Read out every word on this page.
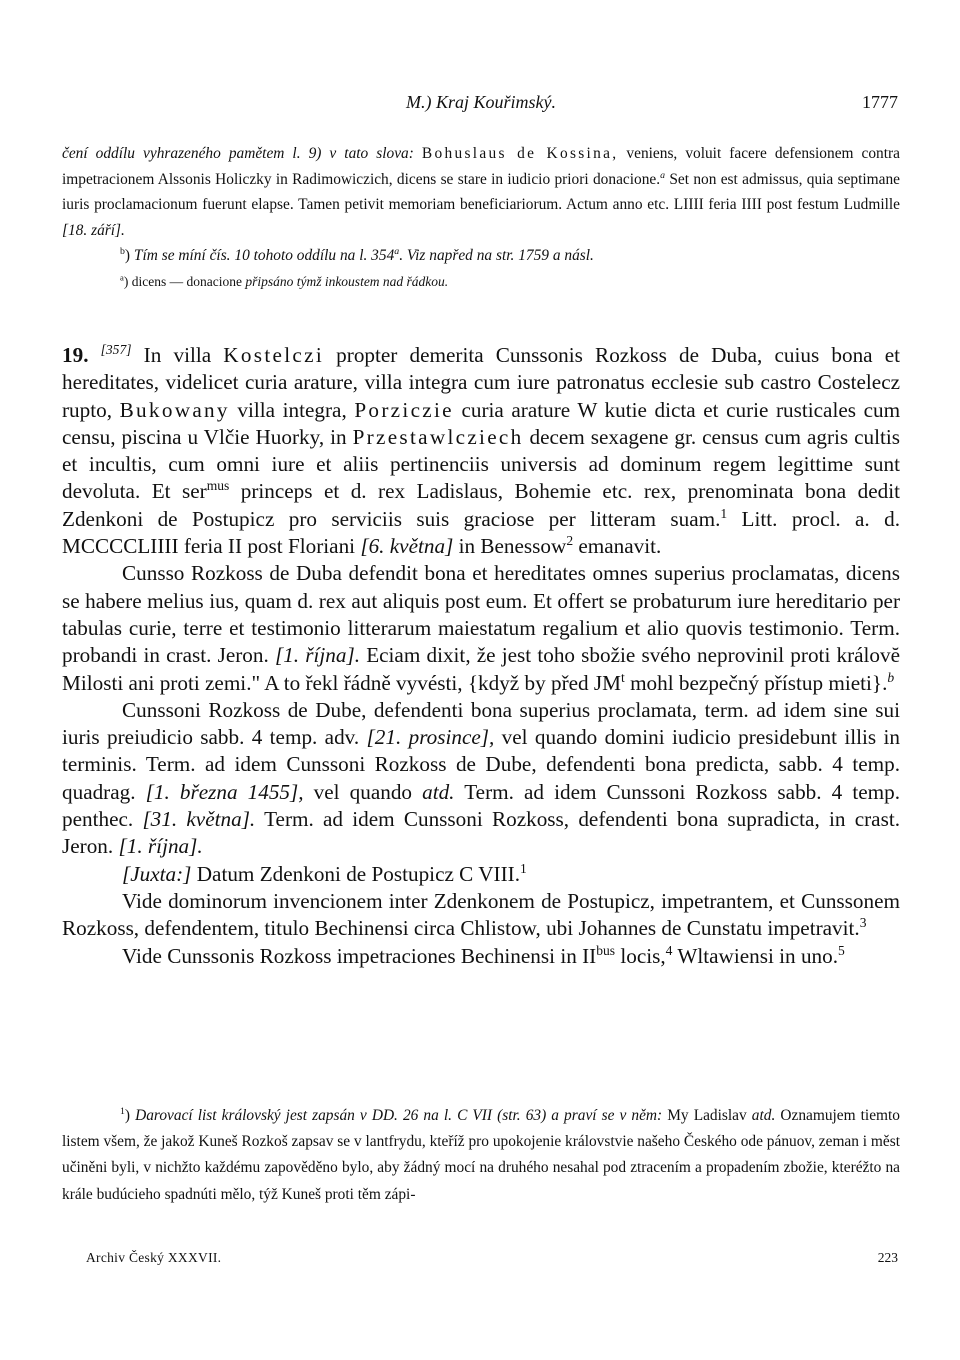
M.) Kraj Kouřimský.	1777

čení oddílu vyhrazeného pamětem l. 9) v tato slova: Bohuslaus de Kossina, veniens, voluit facere defensionem contra impetracionem Alssonis Holiczky in Radimowiczich, dicens se stare in iudicio priori donacione.$^a$ Set non est admissus, quia septimane iuris proclamacionum fuerunt elapse. Tamen petivit memoriam beneficiariorum. Actum anno etc. LIIII feria IIII post festum Ludmille [18. září].

$^b$) Tím se míní čís. 10 tohoto oddílu na l. 354$^a$. Viz napřed na str. 1759 a násl.

$^a$) dicens — donacione připsáno týmž inkoustem nad řádkou.

19. [357] In villa Kostelczi propter demerita Cunssonis Rozkoss de Duba, cuius bona et hereditates, videlicet curia arature, villa integra cum iure patronatus ecclesie sub castro Costelecz rupto, Bukowany villa integra, Porziczie curia arature W kutie dicta et curie rusticales cum censu, piscina u Vlčie Huorky, in Przestawlcziech decem sexagene gr. census cum agris cultis et incultis, cum omni iure et aliis pertinenciis universis ad dominum regem legittime sunt devoluta. Et ser$^{mus}$ princeps et d. rex Ladislaus, Bohemie etc. rex, prenominata bona dedit Zdenkoni de Postupicz pro serviciis suis graciose per litteram suam.$^1$ Litt. procl. a. d. MCCCCLIIII feria II post Floriani [6. května] in Benessow$^2$ emanavit.

Cunsso Rozkoss de Duba defendit bona et hereditates omnes superius proclamatas, dicens se habere melius ius, quam d. rex aut aliquis post eum. Et offert se probaturum iure hereditario per tabulas curie, terre et testimonio litterarum maiestatum regalium et alio quovis testimonio. Term. probandi in crast. Jeron. [1. října]. Eciam dixit, že jest toho sbožie svého neprovinil proti královĕ Milosti ani proti zemi." A to řekl řádně vyvésti, {když by před $JM^t$ mohl bezpečný přístup mieti}.$^b$

Cunssoni Rozkoss de Dube, defendenti bona superius proclamata, term. ad idem sine sui iuris preiudicio sabb. 4 temp. adv. [21. prosince], vel quando domini iudicio presidebunt illis in terminis. Term. ad idem Cunssoni Rozkoss de Dube, defendenti bona predicta, sabb. 4 temp. quadrag. [1. března 1455], vel quando atd. Term. ad idem Cunssoni Rozkoss sabb. 4 temp. penthec. [31. května]. Term. ad idem Cunssoni Rozkoss, defendenti bona supradicta, in crast. Jeron. [1. října].

[Juxta:] Datum Zdenkoni de Postupicz C VIII.$^1$

Vide dominorum invencionem inter Zdenkonem de Postupicz, impetrantem, et Cunssonem Rozkoss, defendentem, titulo Bechinensi circa Chlistow, ubi Johannes de Cunstatu impetravit.$^3$

Vide Cunssonis Rozkoss impetraciones Bechinensi in $II^{bus}$ locis,$^4$ Wltawiensi in uno.$^5$

$^1$) Darovací list královský jest zapsán v DD. 26 na l. C VII (str. 63) a praví se v něm: My Ladislav atd. Oznamujem tiemto listem všem, že jakož Kuneš Rozkoš zapsav se v lantfrydu, kteříž pro upokojenie královstvie našeho Českého ode pánuov, zeman i měst učiněni byli, v nichžto každému zapověděno bylo, aby žádný mocí na druhého nesahal pod ztracením a propadením zbožie, kteréžto na krále budúcieho spadnúti mělo, týž Kuneš proti těm zápi-

Archiv Český XXXVII.	223
